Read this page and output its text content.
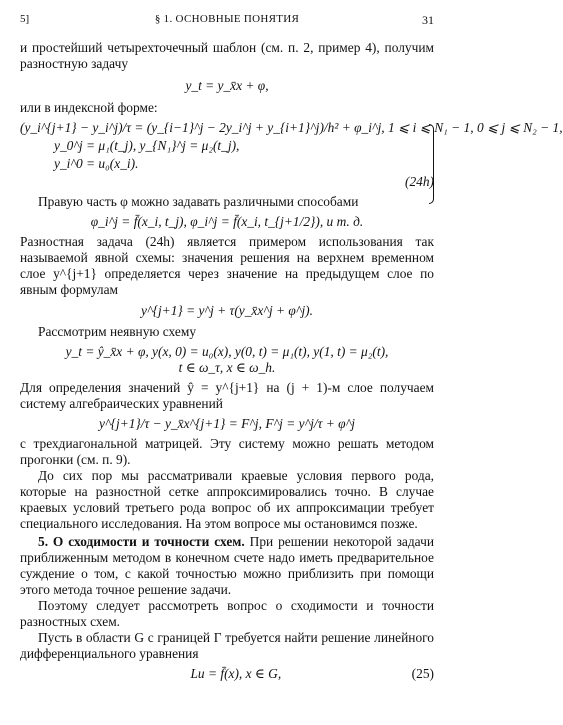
5]	§ 1. ОСНОВНЫЕ ПОНЯТИЯ	31

и простейший четырехточечный шаблон (см. п. 2, пример 4), получим разностную задачу

y_t = y_x̄x + φ,

или в индексной форме:

(y_i^{j+1} − y_i^j)/τ = (y_{i−1}^j − 2y_i^j + y_{i+1}^j)/h² + φ_i^j, 1 ⩽ i ⩽ N₁ − 1, 0 ⩽ j ⩽ N₂ − 1,
y_0^j = μ₁(t_j), y_{N₁}^j = μ₂(t_j),
y_i^0 = u₀(x_i).

(24h)

Правую часть φ можно задавать различными способами

φ_i^j = f̄(x_i, t_j), φ_i^j = f̄(x_i, t_{j+1/2}), и т. д.

Разностная задача (24h) является примером использования так называемой явной схемы: значения решения на верхнем временном слое y^{j+1} определяется через значение на предыдущем слое по явным формулам

y^{j+1} = y^j + τ(y_x̄x^j + φ^j).

Рассмотрим неявную схему

y_t = ŷ_x̄x + φ, y(x, 0) = u₀(x), y(0, t) = μ₁(t), y(1, t) = μ₂(t),

t ∈ ω_τ, x ∈ ω_h.

Для определения значений ŷ = y^{j+1} на (j + 1)-м слое получаем систему алгебраических уравнений

y^{j+1}/τ − y_x̄x^{j+1} = F^j, F^j = y^j/τ + φ^j

с трехдиагональной матрицей. Эту систему можно решать методом прогонки (см. п. 9).

До сих пор мы рассматривали краевые условия первого рода, которые на разностной сетке аппроксимировались точно. В случае краевых условий третьего рода вопрос об их аппроксимации требует специального исследования. На этом вопросе мы остановимся позже.

5. О сходимости и точности схем. При решении некоторой задачи приближенным методом в конечном счете надо иметь предварительное суждение о том, с какой точностью можно приблизить при помощи этого метода точное решение задачи.

Поэтому следует рассмотреть вопрос о сходимости и точности разностных схем.

Пусть в области G с границей Γ требуется найти решение линейного дифференциального уравнения

Lu = f̄(x), x ∈ G,	(25)
